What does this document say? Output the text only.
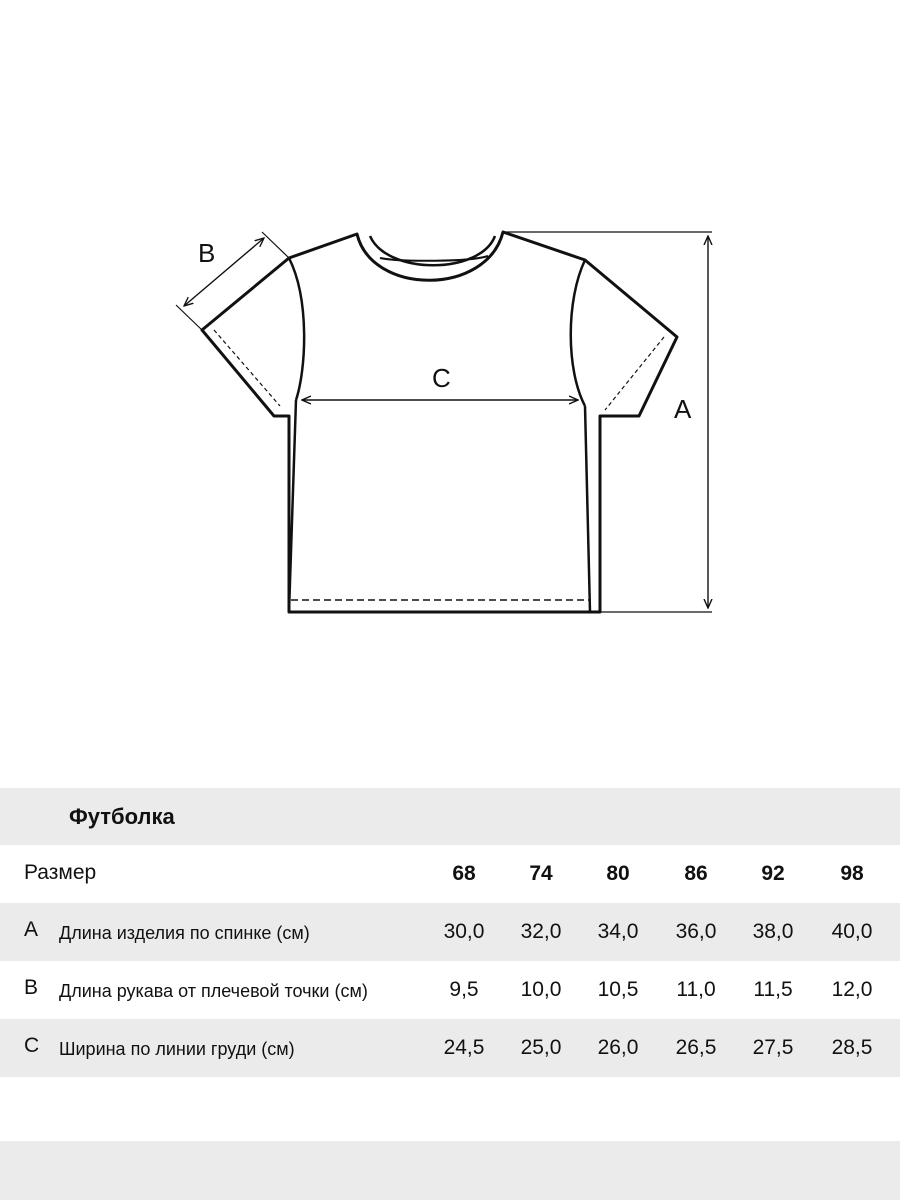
B
C
A
Футболка
Размер	68	74	80	86	92	98
A Длина изделия по спинке (см)	30,0	32,0	34,0	36,0	38,0	40,0
B Длина рукава от плечевой точки (см)	9,5	10,0	10,5	11,0	11,5	12,0
C Ширина по линии груди (см)	24,5	25,0	26,0	26,5	27,5	28,5
